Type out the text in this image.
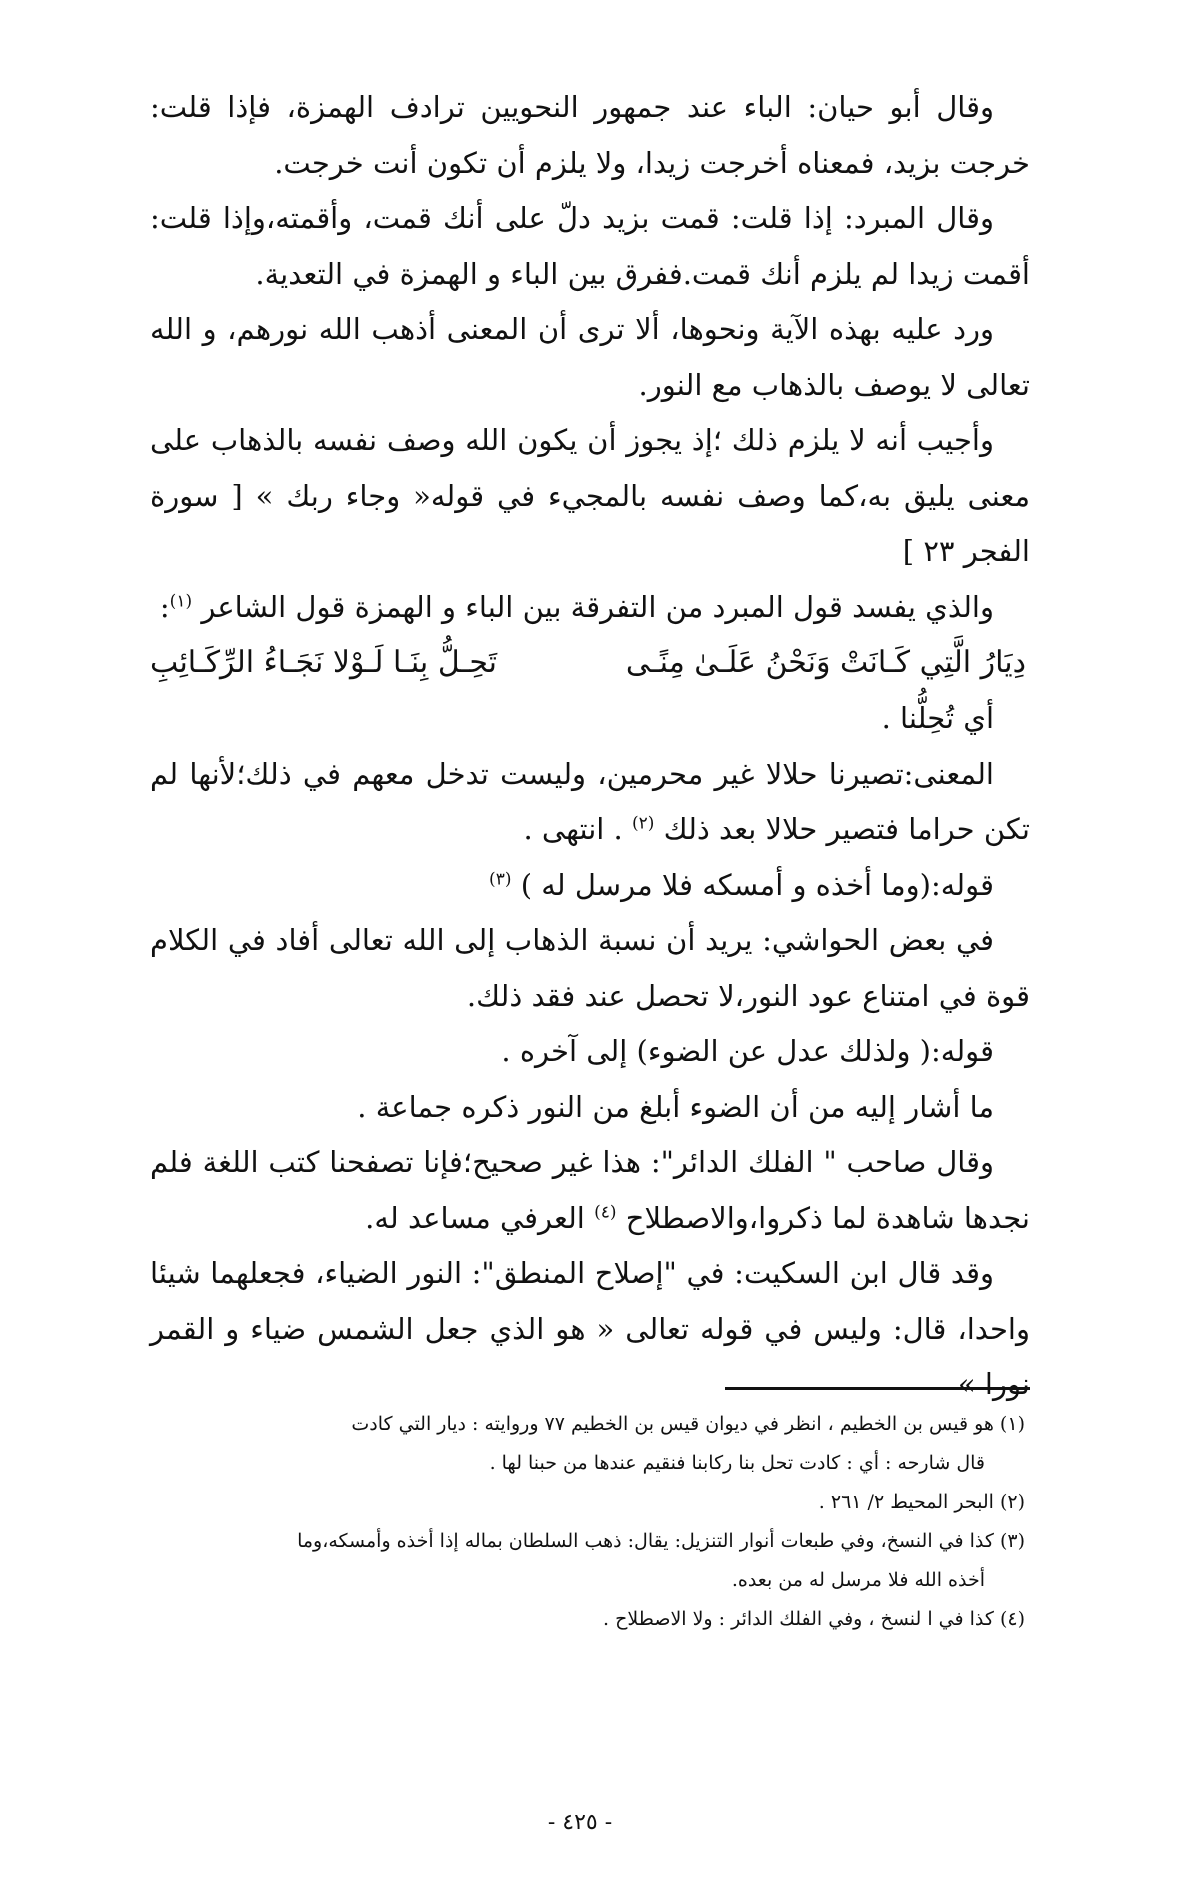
وقال أبو حيان: الباء عند جمهور النحويين ترادف الهمزة، فإذا قلت: خرجت بزيد، فمعناه أخرجت زيدا، ولا يلزم أن تكون أنت خرجت.

وقال المبرد: إذا قلت: قمت بزيد دلّ على أنك قمت، وأقمته،وإذا قلت: أقمت زيدا لم يلزم أنك قمت.ففرق بين الباء و الهمزة في التعدية.

ورد عليه بهذه الآية ونحوها، ألا ترى أن المعنى أذهب الله نورهم، و الله تعالى لا يوصف بالذهاب مع النور.

وأجيب أنه لا يلزم ذلك ؛إذ يجوز أن يكون الله وصف نفسه بالذهاب على معنى يليق به،كما وصف نفسه بالمجيء في قوله« وجاء ربك » [ سورة الفجر ٢٣ ]

والذي يفسد قول المبرد من التفرقة بين الباء و الهمزة قول الشاعر $^{(١)}$:

دِيَارُ الَّتِي كَـانَتْ وَنَحْنُ عَلَـىٰ مِنًـى
تَحِـلُّ بِنَـا لَـوْلا نَجَـاءُ الرِّكَـائِبِ

أي تُحِلُّنا .

المعنى:تصيرنا حلالا غير محرمين، وليست تدخل معهم في ذلك؛لأنها لم تكن حراما فتصير حلالا بعد ذلك $^{(٢)}$ . انتهى .

قوله:(وما أخذه و أمسكه فلا مرسل له ) $^{(٣)}$

في بعض الحواشي: يريد أن نسبة الذهاب إلى الله تعالى أفاد في الكلام قوة في امتناع عود النور،لا تحصل عند فقد ذلك.

قوله:( ولذلك عدل عن الضوء) إلى آخره .

ما أشار إليه من أن الضوء أبلغ من النور ذكره جماعة .

وقال صاحب " الفلك الدائر": هذا غير صحيح؛فإنا تصفحنا كتب اللغة فلم نجدها شاهدة لما ذكروا،والاصطلاح $^{(٤)}$ العرفي مساعد له.

وقد قال ابن السكيت: في "إصلاح المنطق": النور الضياء، فجعلهما شيئا واحدا، قال: وليس في قوله تعالى « هو الذي جعل الشمس ضياء و القمر نورا »

(١) هو قيس بن الخطيم ، انظر في ديوان قيس بن الخطيم ٧٧ وروايته : ديار التي كادت

قال شارحه : أي : كادت تحل بنا ركابنا فنقيم عندها من حبنا لها .

(٢) البحر المحيط ٢/ ٢٦١ .

(٣) كذا في النسخ، وفي طبعات أنوار التنزيل: يقال: ذهب السلطان بماله إذا أخذه وأمسكه،وما

أخذه الله فلا مرسل له من بعده.

(٤) كذا في ا لنسخ ، وفي الفلك الدائر : ولا الاصطلاح .

- ٤٢٥ -
